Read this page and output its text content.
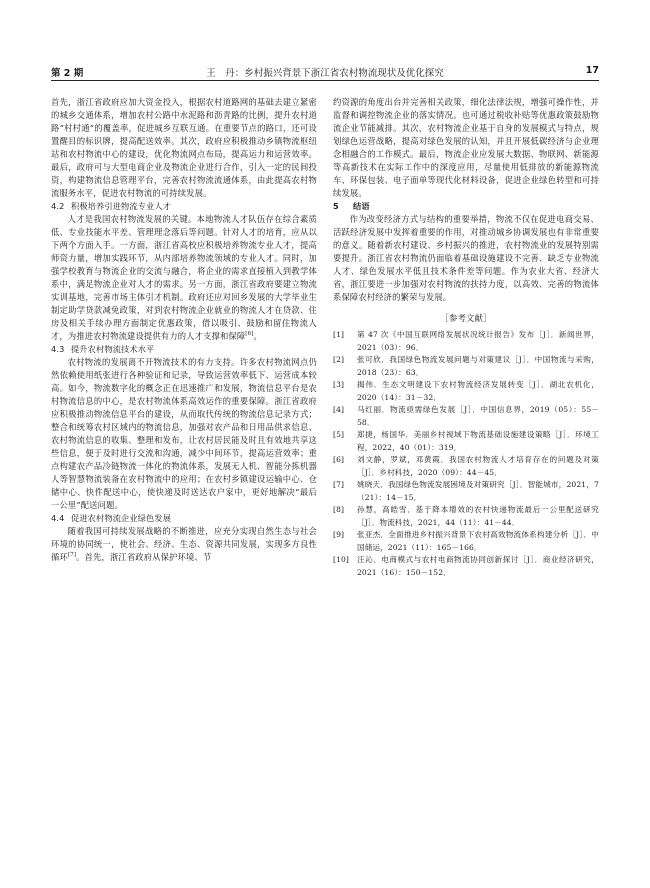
第 2 期	王　丹：乡村振兴背景下浙江省农村物流现状及优化探究	17

首先，浙江省政府应加大资金投入，根据农村道路网的基础去建立紧密的城乡交通体系，增加农村公路中水泥路和沥青路的比例，提升农村道路“村村通”的覆盖率，促进城乡互联互通。在重要节点的路口，还可设置醒目的标识牌，提高配送效率。其次，政府应积极推动乡镇物流枢纽站和农村物流中心的建设，优化物流网点布局，提高运力和运营效率。最后，政府可与大型电商企业及物流企业进行合作，引入一定的民间投资，构建物流信息管理平台，完善农村物流流通体系，由此提高农村物流服务水平，促进农村物流的可持续发展。

4.2 积极培养引进物流专业人才

人才是我国农村物流发展的关键。本地物流人才队伍存在综合素质低、专业技能水平差、管理理念落后等问题。针对人才的培育，应从以下两个方面入手。一方面，浙江省高校应积极培养物流专业人才，提高师资力量，增加实践环节，从内部培养物流领域的专业人才。同时，加强学校教育与物流企业的交流与融合，将企业的需求直接植入到教学体系中，满足物流企业对人才的需求。另一方面，浙江省政府要建立物流实训基地，完善市场主体引才机制。政府还应对回乡发展的大学毕业生制定助学贷款减免政策，对到农村物流企业就业的物流人才在贷款、住房及相关手续办理方面制定优惠政策，借以吸引、鼓励和留住物流人才，为推进农村物流建设提供有力的人才支撑和保障[6]。

4.3 提升农村物流技术水平

农村物流的发展离不开物流技术的有力支持。许多农村物流网点仍然依赖使用纸张进行各种验证和记录，导致运营效率低下、运营成本较高。如今，物流数字化的概念正在迅速推广和发展，物流信息平台是农村物流信息的中心，是农村物流体系高效运作的重要保障。浙江省政府应积极推动物流信息平台的建设，从而取代传统的物流信息记录方式；整合和统筹农村区域内的物流信息，加强对农产品和日用品供求信息、农村物流信息的收集、整理和发布，让农村居民能及时且有效地共享这些信息，便于及时进行交流和沟通，减少中间环节，提高运营效率；重点构建农产品冷链物流一体化的物流体系，发展无人机、智能分拣机器人等智慧物流装备在农村物流中的应用；在农村乡镇建设运输中心、仓储中心、快件配送中心，使快递及时送达农户家中，更好地解决“最后一公里”配送问题。

4.4 促进农村物流企业绿色发展

随着我国可持续发展战略的不断推进，应充分实现自然生态与社会环境的协同统一，使社会、经济、生态、资源共同发展，实现多方良性循环[7]。首先，浙江省政府从保护环境、节

约资源的角度出台并完善相关政策，细化法律法规，增强可操作性，并监督和调控物流企业的落实情况。也可通过税收补贴等优惠政策鼓励物流企业节能减排。其次，农村物流企业基于自身的发展模式与特点，规划绿色运营战略，提高对绿色发展的认知，并且开展低碳经济与企业理念相融合的工作模式。最后，物流企业应发展大数据、物联网、新能源等高新技术在实际工作中的深度应用，尽量使用低排放的新能源物流车、环保包装、电子面单等现代化材料设备，促进企业绿色转型和可持续发展。

5 结语

作为改变经济方式与结构的重要举措，物流不仅在促进电商交易、活跃经济发展中发挥着重要的作用，对推动城乡协调发展也有非常重要的意义。随着新农村建设、乡村振兴的推进，农村物流业的发展特别需要提升。浙江省农村物流仍面临着基础设施建设不完善、缺乏专业物流人才、绿色发展水平低且技术条件差等问题。作为农业大省、经济大省，浙江要进一步加强对农村物流的扶持力度，以高效、完善的物流体系保障农村经济的繁荣与发展。

［参考文献］
[1]	第 47 次《中国互联网络发展状况统计报告》发布［J］．新闻世界，2021（03）：96．
[2]	张可欣．我国绿色物流发展问题与对策建议［J］．中国物流与采购，2018（23）：63．
[3]	揭伟．生态文明建设下农村物流经济发展转变［J］．湖北农机化，2020（14）：31－32．
[4]	马红丽．物流亟需绿色发展［J］．中国信息界，2019（05）：55－58．
[5]	郑捷，杨国华．美丽乡村视域下物流基础设施建设策略［J］．环境工程，2022，40（01）：319．
[6]	刘文静，罗斌，邓黄霞．我国农村物流人才培育存在的问题及对策［J］．乡村科技，2020（09）：44－45．
[7]	姚晓天．我国绿色物流发展困境及对策研究［J］．智能城市，2021，7（21）：14－15．
[8]	孙慧，高皓雪．基于降本增效的农村快递物流最后一公里配送研究［J］．物流科技，2021，44（11）：41－44．
[9]	张亚杰．全面推进乡村振兴背景下农村高效物流体系构建分析［J］．中国储运，2021（11）：165－166．
[10]	汪沁．电商模式与农村电商物流协同创新探讨［J］．商业经济研究，2021（16）：150－152．
